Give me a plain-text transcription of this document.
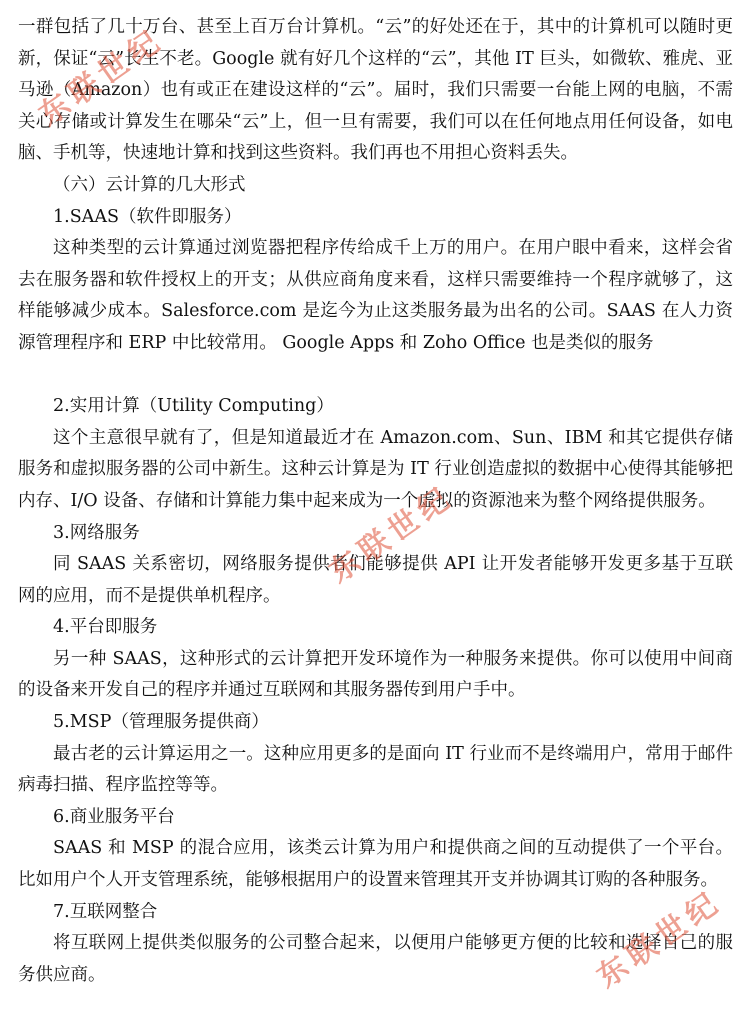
一群包括了几十万台、甚至上百万台计算机。“云”的好处还在于，其中的计算机可以随时更新，保证“云”长生不老。Google 就有好几个这样的“云”，其他 IT 巨头，如微软、雅虎、亚马逊（Amazon）也有或正在建设这样的“云”。届时，我们只需要一台能上网的电脑，不需关心存储或计算发生在哪朵“云”上，但一旦有需要，我们可以在任何地点用任何设备，如电脑、手机等，快速地计算和找到这些资料。我们再也不用担心资料丢失。

（六）云计算的几大形式

1.SAAS（软件即服务）

这种类型的云计算通过浏览器把程序传给成千上万的用户。在用户眼中看来，这样会省去在服务器和软件授权上的开支；从供应商角度来看，这样只需要维持一个程序就够了，这样能够减少成本。Salesforce.com 是迄今为止这类服务最为出名的公司。SAAS 在人力资源管理程序和 ERP 中比较常用。 Google Apps 和 Zoho Office 也是类似的服务

2.实用计算（Utility Computing）

这个主意很早就有了，但是知道最近才在 Amazon.com、Sun、IBM 和其它提供存储服务和虚拟服务器的公司中新生。这种云计算是为 IT 行业创造虚拟的数据中心使得其能够把内存、I/O 设备、存储和计算能力集中起来成为一个虚拟的资源池来为整个网络提供服务。

3.网络服务

同 SAAS 关系密切，网络服务提供者们能够提供 API 让开发者能够开发更多基于互联网的应用，而不是提供单机程序。

4.平台即服务

另一种 SAAS，这种形式的云计算把开发环境作为一种服务来提供。你可以使用中间商的设备来开发自己的程序并通过互联网和其服务器传到用户手中。

5.MSP（管理服务提供商）

最古老的云计算运用之一。这种应用更多的是面向 IT 行业而不是终端用户，常用于邮件病毒扫描、程序监控等等。

6.商业服务平台

SAAS 和 MSP 的混合应用，该类云计算为用户和提供商之间的互动提供了一个平台。比如用户个人开支管理系统，能够根据用户的设置来管理其开支并协调其订购的各种服务。

7.互联网整合

将互联网上提供类似服务的公司整合起来，以便用户能够更方便的比较和选择自己的服务供应商。

东联世纪
东联世纪
东联世纪
